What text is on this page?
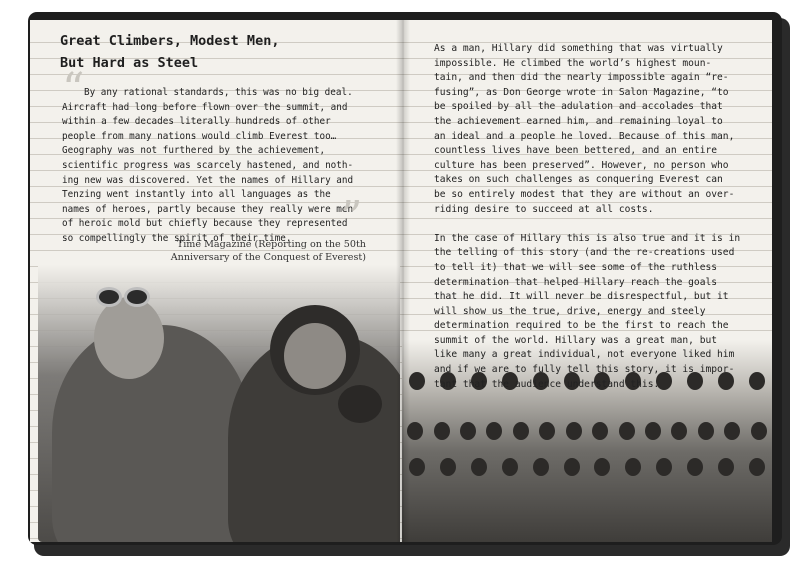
Great Climbers, Modest Men,
But Hard as Steel
“ By any rational standards, this was no big deal.
Aircraft had long before flown over the summit, and
within a few decades literally hundreds of other
people from many nations would climb Everest too…
Geography was not furthered by the achievement,
scientific progress was scarcely hastened, and noth-
ing new was discovered. Yet the names of Hillary and
Tenzing went instantly into all languages as the
names of heroes, partly because they really were men
of heroic mold but chiefly because they represented
so compellingly the spirit of their time.	”
Time Magazine (Reporting on the 50th
Anniversary of the Conquest of Everest)
As a man, Hillary did something that was virtually
impossible. He climbed the world’s highest moun-
tain, and then did the nearly impossible again “re-
fusing”, as Don George wrote in Salon Magazine, “to
be spoiled by all the adulation and accolades that
the achievement earned him, and remaining loyal to
an ideal and a people he loved. Because of this man,
countless lives have been bettered, and an entire
culture has been preserved”. However, no person who
takes on such challenges as conquering Everest can
be so entirely modest that they are without an over-
riding desire to succeed at all costs.
In the case of Hillary this is also true and it is in
the telling of this story (and the re-creations used
to tell it) that we will see some of the ruthless
determination that helped Hillary reach the goals
that he did. It will never be disrespectful, but it
will show us the true, drive, energy and steely
determination required to be the first to reach the
summit of the world. Hillary was a great man, but
like many a great individual, not everyone liked him
and if we are to fully tell this story, it is impor-
tant that the audience understand this.
